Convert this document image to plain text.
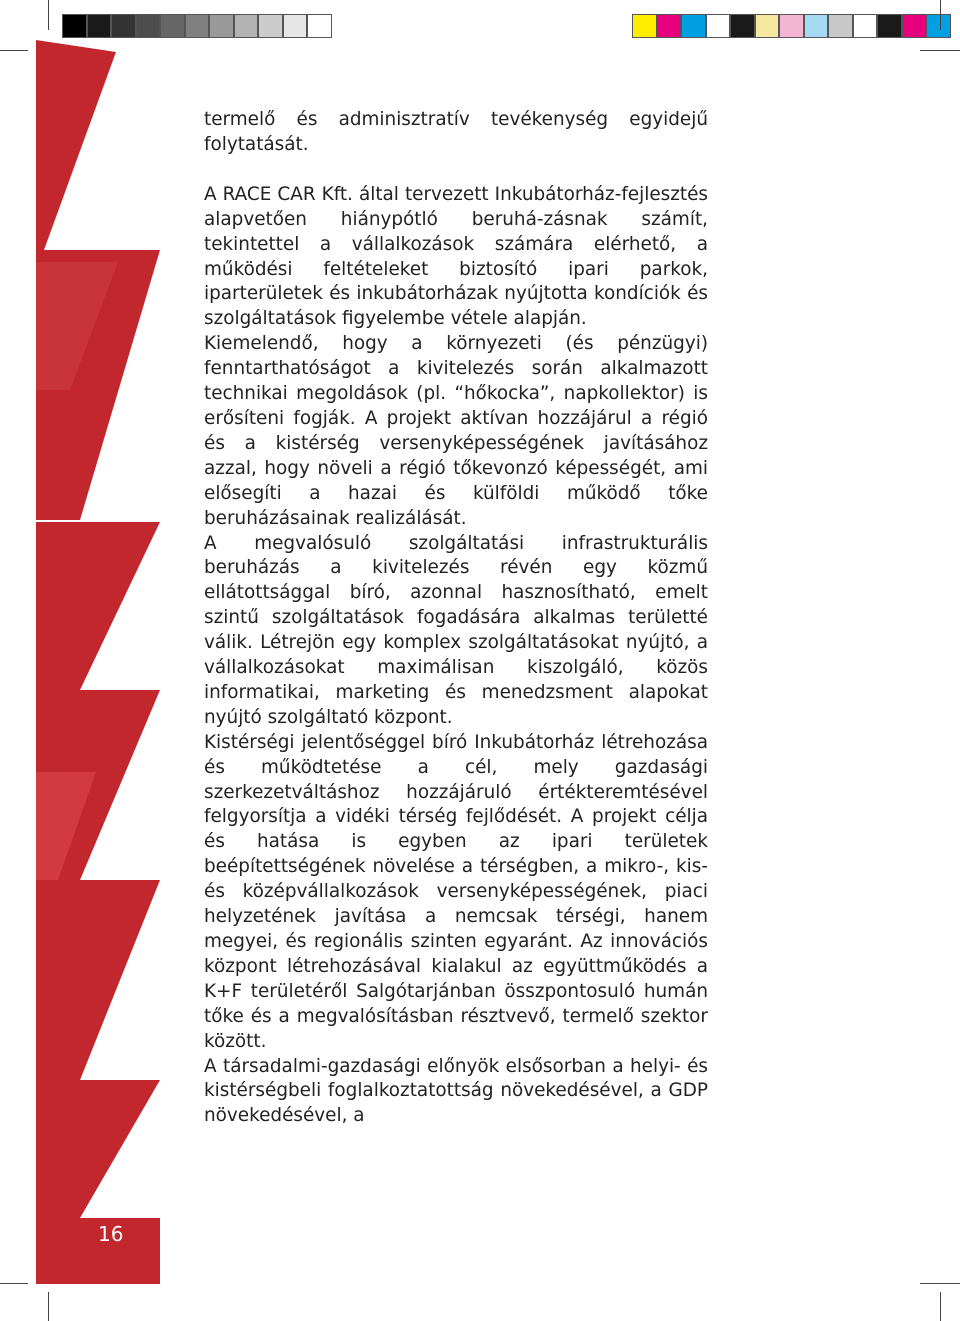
termelő és adminisztratív tevékenység egyidejű folytatását.

A RACE CAR Kft. által tervezett Inkubátorház-fejlesztés alapvetően hiánypótló beruhá-zásnak számít, tekintettel a vállalkozások számára elérhető, a működési feltételeket biztosító ipari parkok, iparterületek és inkubátorházak nyújtotta kondíciók és szolgáltatások figyelembe vétele alapján.

Kiemelendő, hogy a környezeti (és pénzügyi) fenntarthatóságot a kivitelezés során alkalmazott technikai megoldások (pl. “hőkocka”, napkollektor) is erősíteni fogják. A projekt aktívan hozzájárul a régió és a kistérség versenyképességének javításához azzal, hogy növeli a régió tőkevonzó képességét, ami elősegíti a hazai és külföldi működő tőke beruházásainak realizálását.

A megvalósuló szolgáltatási infrastrukturális beruházás a kivitelezés révén egy közmű ellátottsággal bíró, azonnal hasznosítható, emelt szintű szolgáltatások fogadására alkalmas területté válik. Létrejön egy komplex szolgáltatásokat nyújtó, a vállalkozásokat maximálisan kiszolgáló, közös informatikai, marketing és menedzsment alapokat nyújtó szolgáltató központ.

Kistérségi jelentőséggel bíró Inkubátorház létrehozása és működtetése a cél, mely gazdasági szerkezetváltáshoz hozzájáruló értékteremtésével felgyorsítja a vidéki térség fejlődését. A projekt célja és hatása is egyben az ipari területek beépítettségének növelése a térségben, a mikro-, kis- és középvállalkozások versenyképességének, piaci helyzetének javítása a nemcsak térségi, hanem megyei, és regionális szinten egyaránt. Az innovációs központ létrehozásával kialakul az együttműködés a K+F területéről Salgótarjánban összpontosuló humán tőke és a megvalósításban résztvevő, termelő szektor között.

A társadalmi-gazdasági előnyök elsősorban a helyi- és kistérségbeli foglalkoztatottság növekedésével, a GDP növekedésével, a

16
